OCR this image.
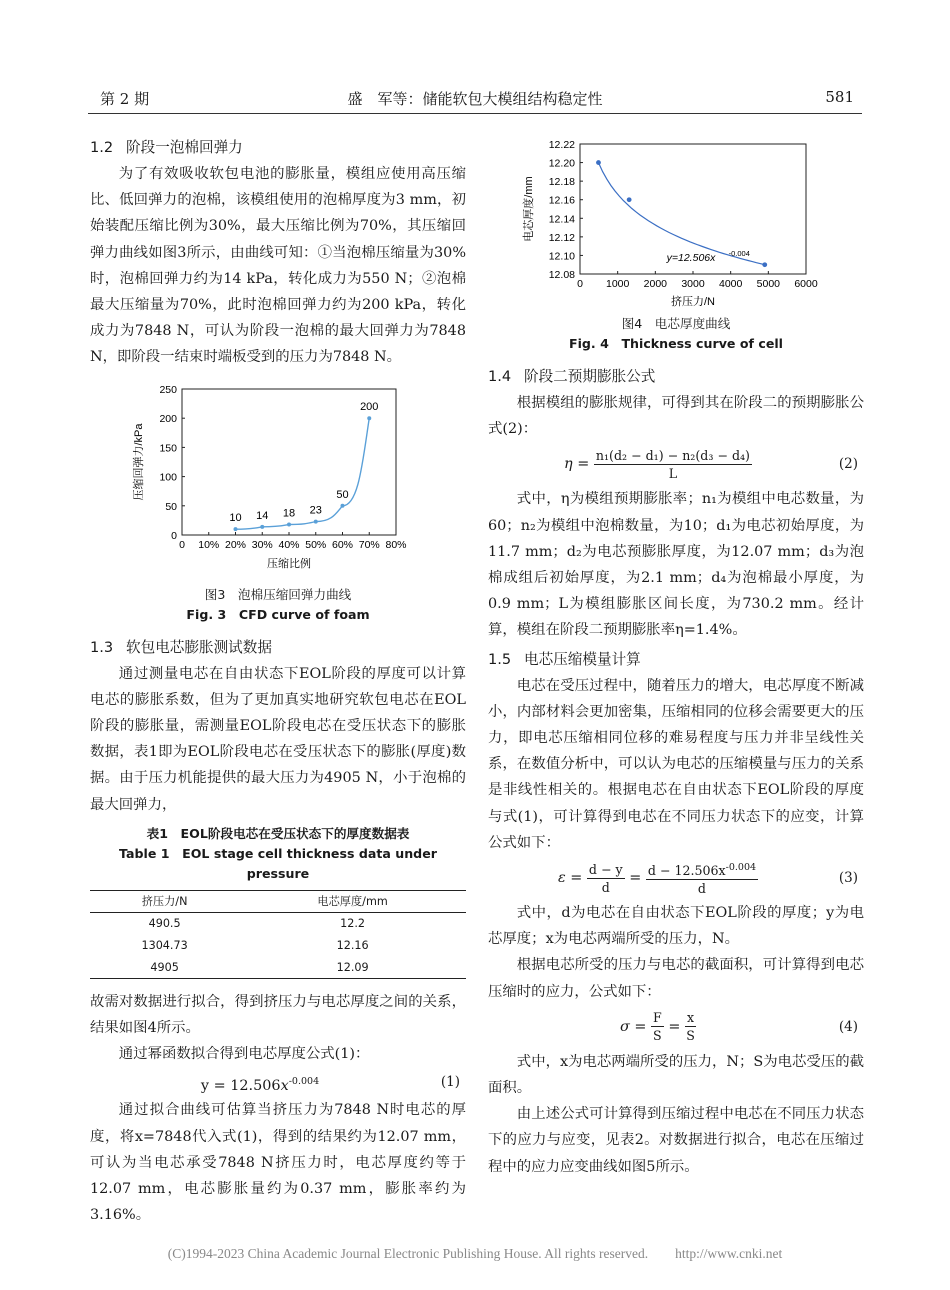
第 2 期	盛　军等：储能软包大模组结构稳定性	581
1.2 阶段一泡棉回弹力

为了有效吸收软包电池的膨胀量，模组应使用高压缩比、低回弹力的泡棉，该模组使用的泡棉厚度为3 mm，初始装配压缩比例为30%，最大压缩比例为70%，其压缩回弹力曲线如图3所示，由曲线可知：①当泡棉压缩量为30%时，泡棉回弹力约为14 kPa，转化成力为550 N；②泡棉最大压缩量为70%，此时泡棉回弹力约为200 kPa，转化成力为7848 N，可认为阶段一泡棉的最大回弹力为7848 N，即阶段一结束时端板受到的压力为7848 N。

0 10% 20% 30% 40% 50% 60% 70% 80%
0
50
100
150
200
250
压缩比例
压缩回弹力/kPa
10 14 18 23
50
200
图3　泡棉压缩回弹力曲线
Fig. 3　CFD curve of foam
1.3 软包电芯膨胀测试数据

通过测量电芯在自由状态下EOL阶段的厚度可以计算电芯的膨胀系数，但为了更加真实地研究软包电芯在EOL阶段的膨胀量，需测量EOL阶段电芯在受压状态下的膨胀数据，表1即为EOL阶段电芯在受压状态下的膨胀(厚度)数据。由于压力机能提供的最大压力为4905 N，小于泡棉的最大回弹力，

表1　EOL阶段电芯在受压状态下的厚度数据表
Table 1　EOL stage cell thickness data under pressure
挤压力/N	电芯厚度/mm
490.5	12.2
1304.73	12.16
4905	12.09

故需对数据进行拟合，得到挤压力与电芯厚度之间的关系，结果如图4所示。

通过幂函数拟合得到电芯厚度公式(1)：

$y = 12.506x^{-0.004}$	(1)

通过拟合曲线可估算当挤压力为7848 N时电芯的厚度，将x=7848代入式(1)，得到的结果约为12.07 mm，可认为当电芯承受7848 N挤压力时，电芯厚度约等于12.07 mm，电芯膨胀量约为0.37 mm，膨胀率约为3.16%。

0 1000 2000 3000 4000 5000 6000
12.08
12.10
12.12
12.14
12.16
12.18
12.20
12.22
挤压力/N
电芯厚度/mm
y=12.506x -0.004
图4　电芯厚度曲线
Fig. 4　Thickness curve of cell
1.4 阶段二预期膨胀公式

根据模组的膨胀规律，可得到其在阶段二的预期膨胀公式(2)：

$\eta = \frac{\text{n₁(d₂ − d₁) − n₂(d₃ − d₄)}}{L}$	(2)

式中，η为模组预期膨胀率；n₁为模组中电芯数量，为60；n₂为模组中泡棉数量，为10；d₁为电芯初始厚度，为11.7 mm；d₂为电芯预膨胀厚度，为12.07 mm；d₃为泡棉成组后初始厚度，为2.1 mm；d₄为泡棉最小厚度，为0.9 mm；L为模组膨胀区间长度，为730.2 mm。经计算，模组在阶段二预期膨胀率η=1.4%。

1.5 电芯压缩模量计算

电芯在受压过程中，随着压力的增大，电芯厚度不断减小，内部材料会更加密集，压缩相同的位移会需要更大的压力，即电芯压缩相同位移的难易程度与压力并非呈线性关系，在数值分析中，可以认为电芯的压缩模量与压力的关系是非线性相关的。根据电芯在自由状态下EOL阶段的厚度与式(1)，可计算得到电芯在不同压力状态下的应变，计算公式如下：

$\varepsilon = \frac{d - y}{d} = \frac{d - 12.506x^{-0.004}}{d}$	(3)

式中，d为电芯在自由状态下EOL阶段的厚度；y为电芯厚度；x为电芯两端所受的压力，N。

根据电芯所受的压力与电芯的截面积，可计算得到电芯压缩时的应力，公式如下：

$\sigma = \frac{F}{S} = \frac{x}{S}$	(4)

式中，x为电芯两端所受的压力，N；S为电芯受压的截面积。

由上述公式可计算得到压缩过程中电芯在不同压力状态下的应力与应变，见表2。对数据进行拟合，电芯在压缩过程中的应力应变曲线如图5所示。

(C)1994-2023 China Academic Journal Electronic Publishing House. All rights reserved.　　http://www.cnki.net
